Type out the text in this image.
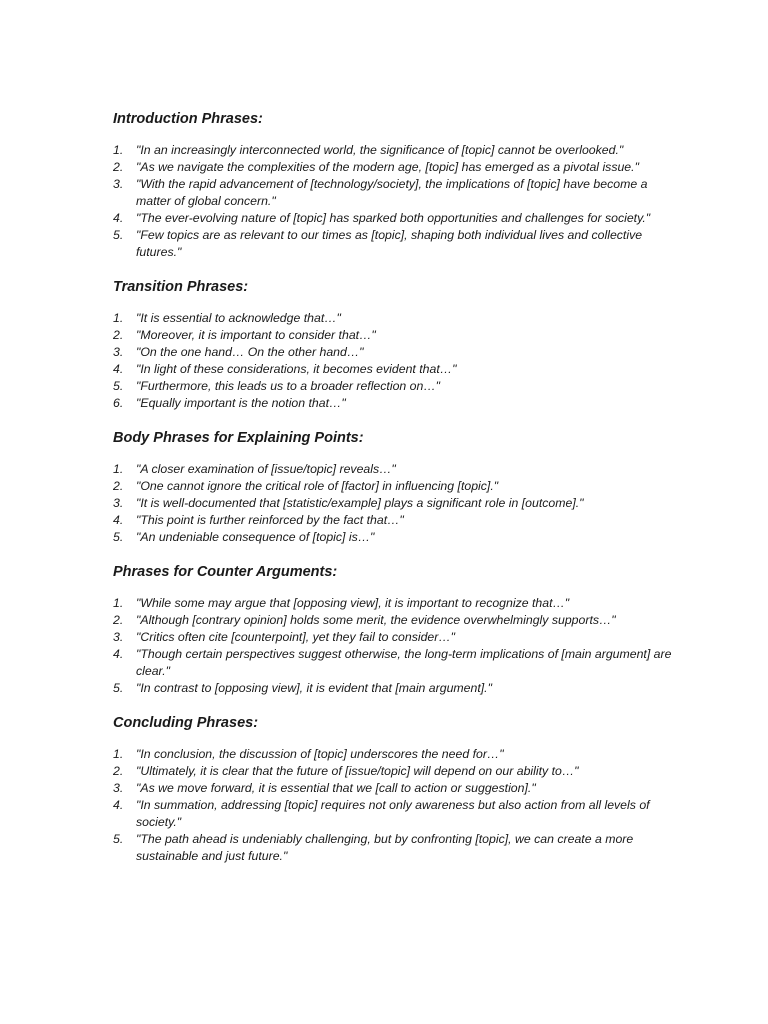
Introduction Phrases:
1. "In an increasingly interconnected world, the significance of [topic] cannot be overlooked."
2. "As we navigate the complexities of the modern age, [topic] has emerged as a pivotal issue."
3. "With the rapid advancement of [technology/society], the implications of [topic] have become a matter of global concern."
4. "The ever-evolving nature of [topic] has sparked both opportunities and challenges for society."
5. "Few topics are as relevant to our times as [topic], shaping both individual lives and collective futures."
Transition Phrases:
1. "It is essential to acknowledge that…"
2. "Moreover, it is important to consider that…"
3. "On the one hand… On the other hand…"
4. "In light of these considerations, it becomes evident that…"
5. "Furthermore, this leads us to a broader reflection on…"
6. "Equally important is the notion that…"
Body Phrases for Explaining Points:
1. "A closer examination of [issue/topic] reveals…"
2. "One cannot ignore the critical role of [factor] in influencing [topic]."
3. "It is well-documented that [statistic/example] plays a significant role in [outcome]."
4. "This point is further reinforced by the fact that…"
5. "An undeniable consequence of [topic] is…"
Phrases for Counter Arguments:
1. "While some may argue that [opposing view], it is important to recognize that…"
2. "Although [contrary opinion] holds some merit, the evidence overwhelmingly supports…"
3. "Critics often cite [counterpoint], yet they fail to consider…"
4. "Though certain perspectives suggest otherwise, the long-term implications of [main argument] are clear."
5. "In contrast to [opposing view], it is evident that [main argument]."
Concluding Phrases:
1. "In conclusion, the discussion of [topic] underscores the need for…"
2. "Ultimately, it is clear that the future of [issue/topic] will depend on our ability to…"
3. "As we move forward, it is essential that we [call to action or suggestion]."
4. "In summation, addressing [topic] requires not only awareness but also action from all levels of society."
5. "The path ahead is undeniably challenging, but by confronting [topic], we can create a more sustainable and just future."
